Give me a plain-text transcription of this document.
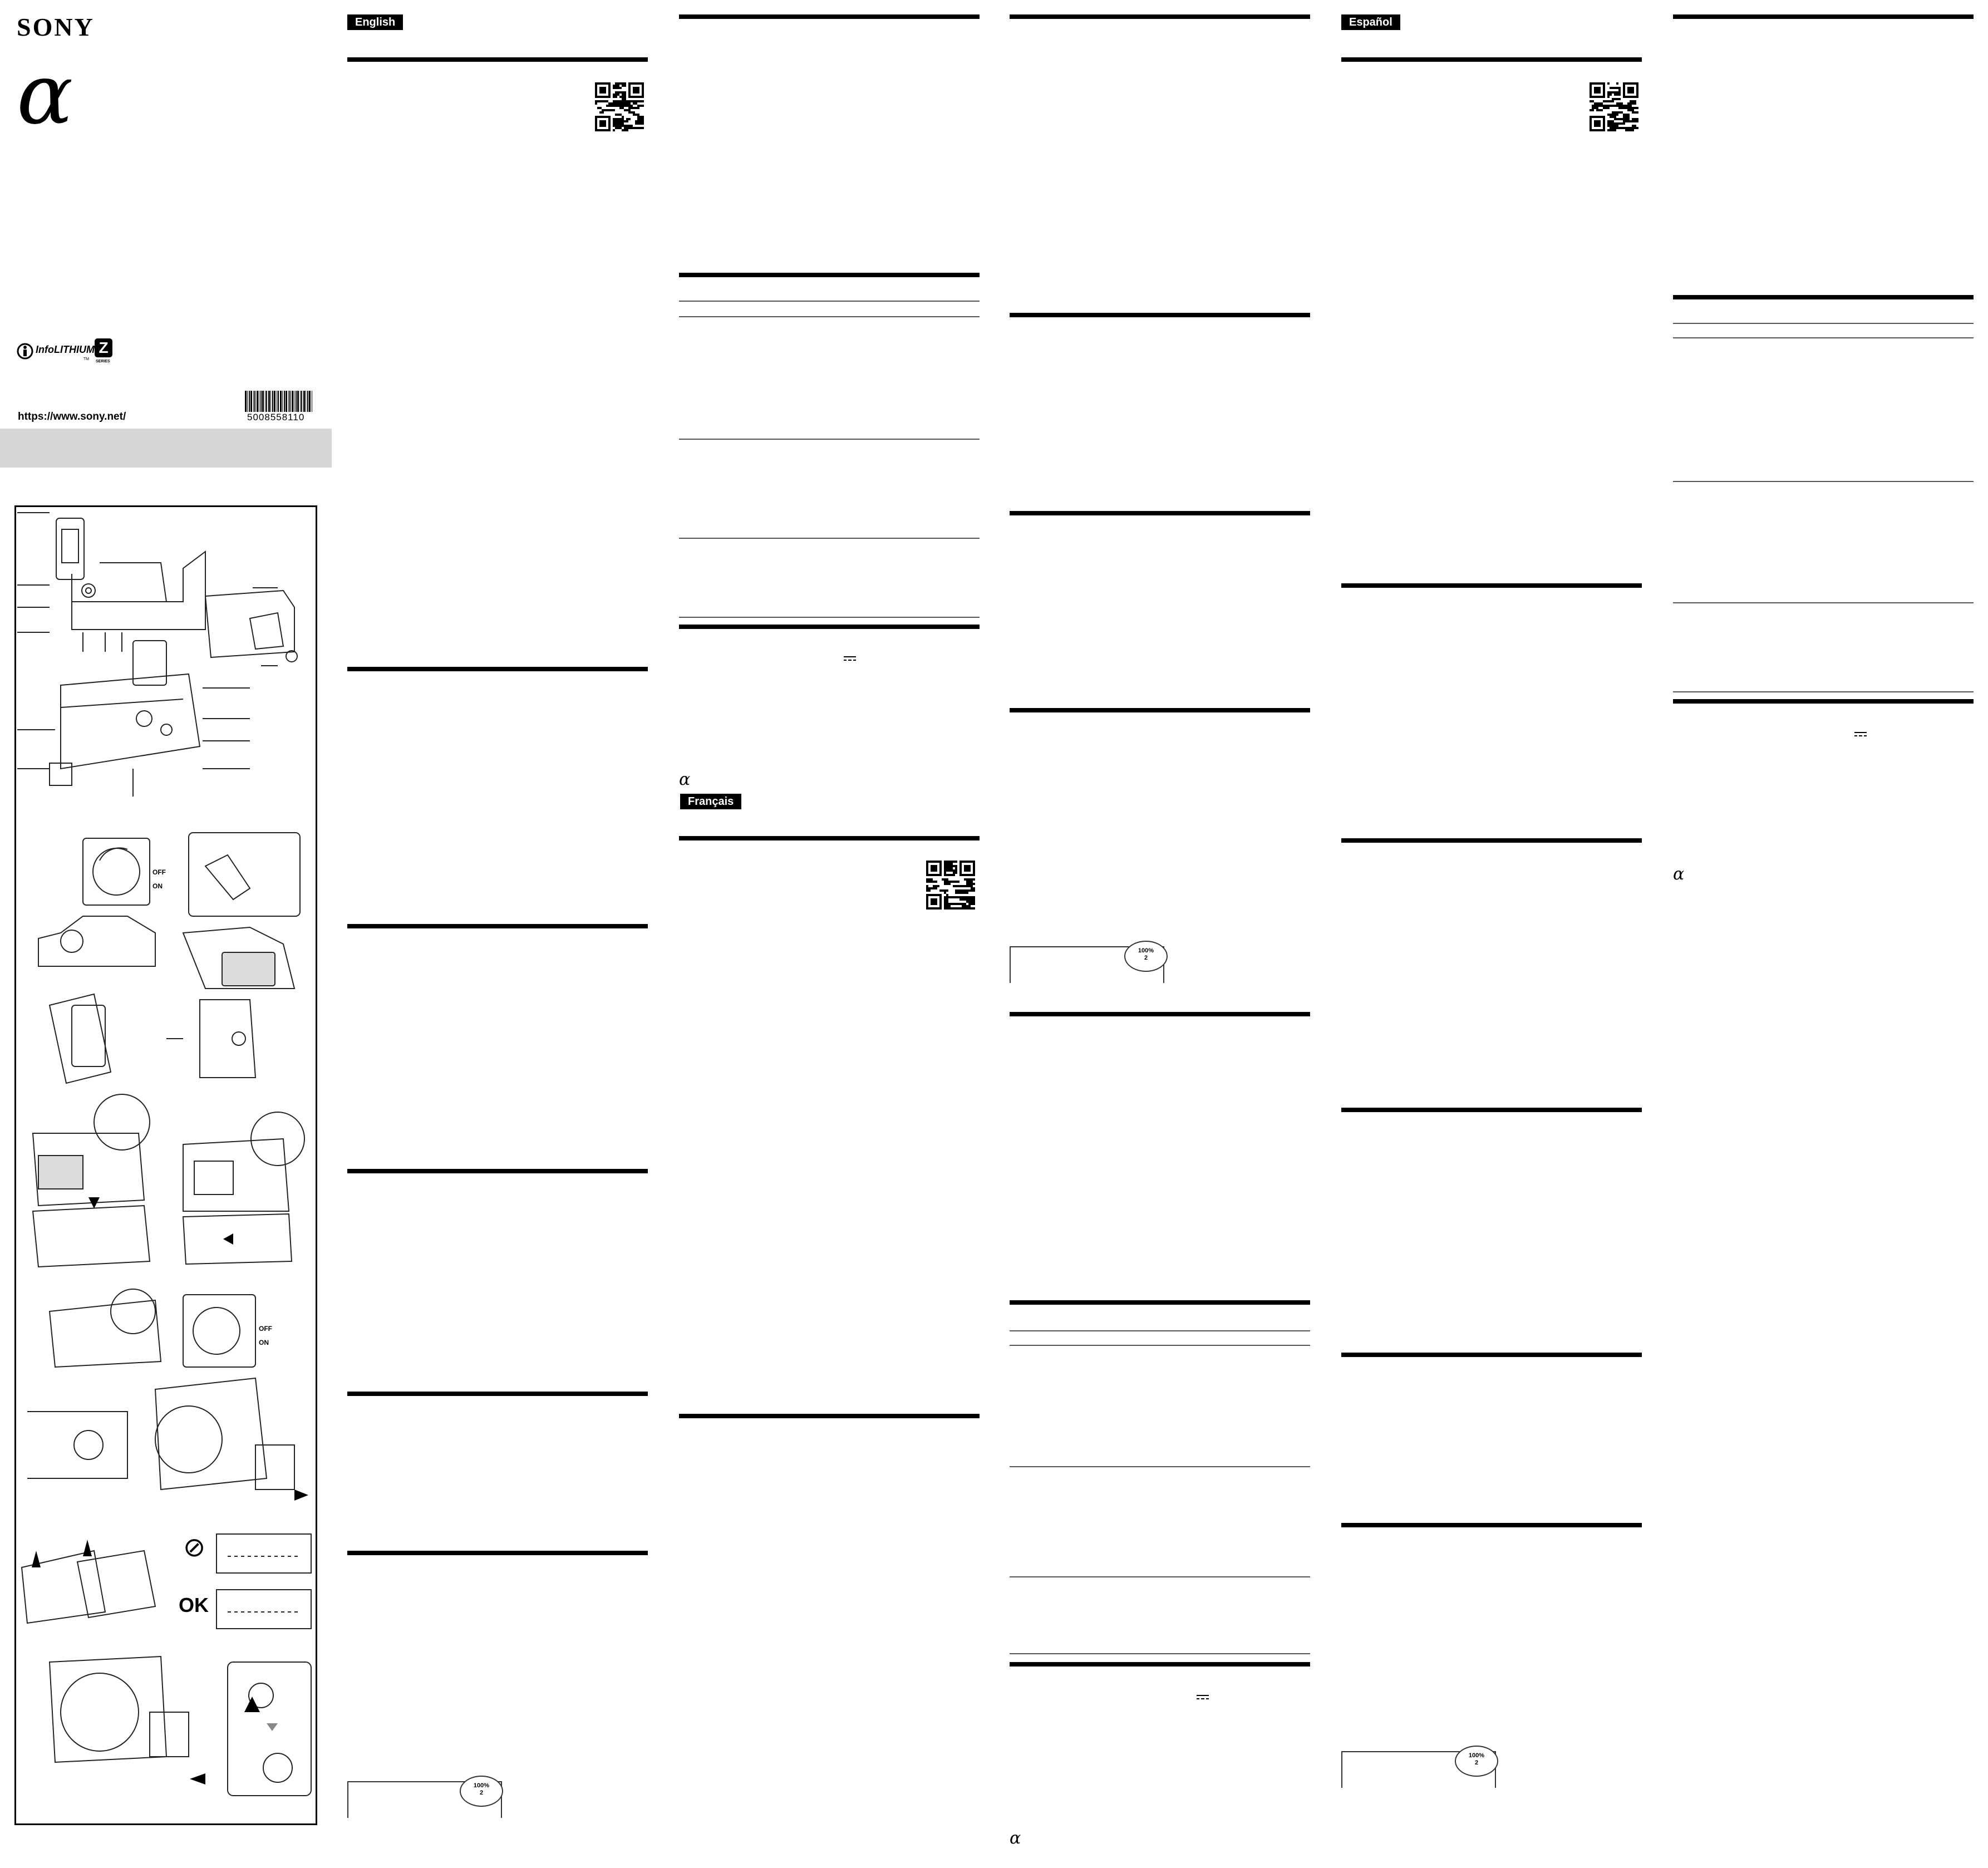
SONY
α
InfoLITHIUM
TM
Z
SERIES
5008558110
https://www.sony.net/
OFF
ON
⊘
OK
OFF
ON
English
100%
2
α
Français
100%
2
α
Español
100%
2
α
